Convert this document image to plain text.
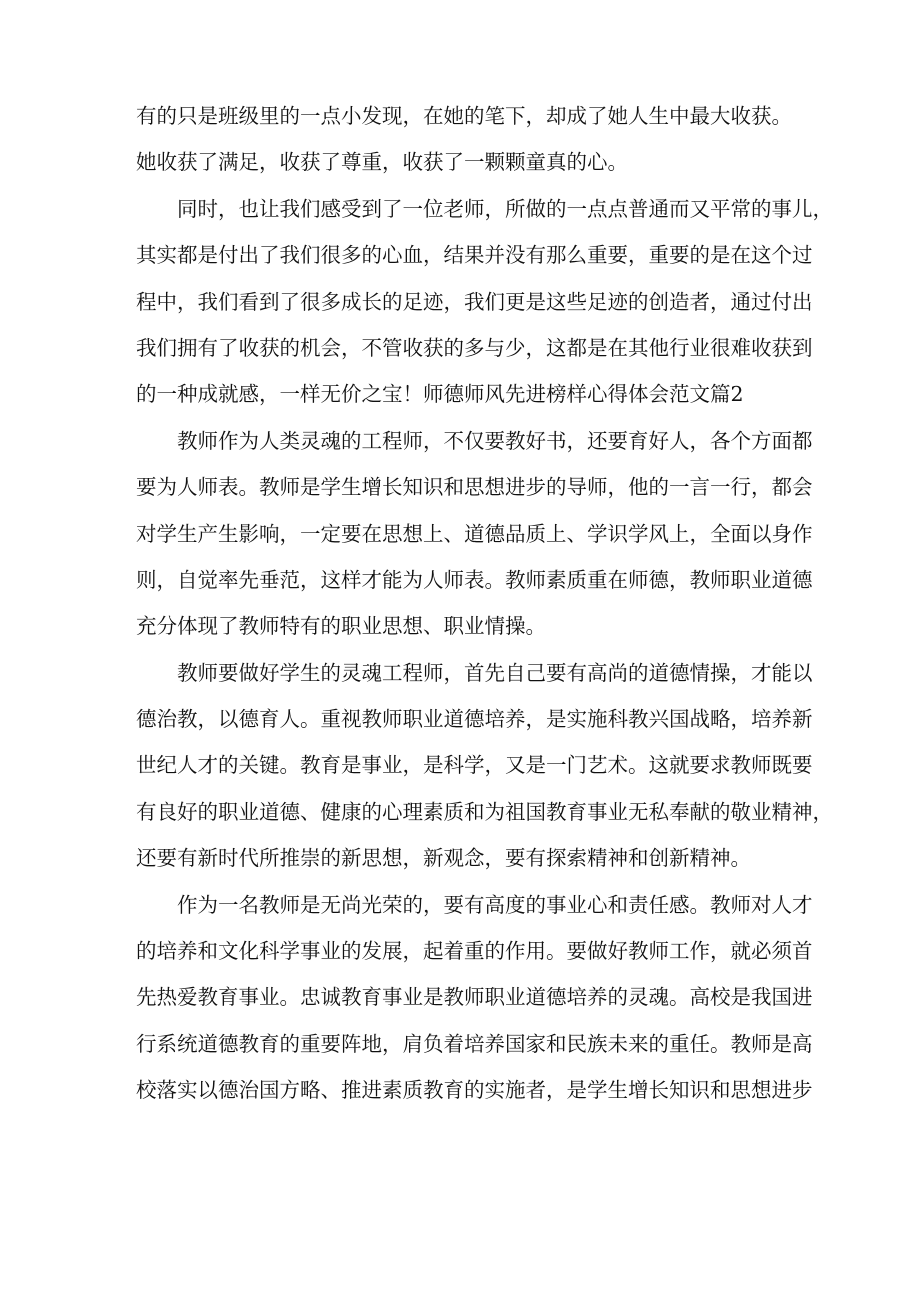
有的只是班级里的一点小发现，在她的笔下，却成了她人生中最大收获。
她收获了满足，收获了尊重，收获了一颗颗童真的心。
同时，也让我们感受到了一位老师，所做的一点点普通而又平常的事儿，
其实都是付出了我们很多的心血，结果并没有那么重要，重要的是在这个过
程中，我们看到了很多成长的足迹，我们更是这些足迹的创造者，通过付出
我们拥有了收获的机会，不管收获的多与少，这都是在其他行业很难收获到
的一种成就感，一样无价之宝！师德师风先进榜样心得体会范文篇2
教师作为人类灵魂的工程师，不仅要教好书，还要育好人，各个方面都
要为人师表。教师是学生增长知识和思想进步的导师，他的一言一行，都会
对学生产生影响，一定要在思想上、道德品质上、学识学风上，全面以身作
则，自觉率先垂范，这样才能为人师表。教师素质重在师德，教师职业道德
充分体现了教师特有的职业思想、职业情操。
教师要做好学生的灵魂工程师，首先自己要有高尚的道德情操，才能以
德治教，以德育人。重视教师职业道德培养，是实施科教兴国战略，培养新
世纪人才的关键。教育是事业，是科学，又是一门艺术。这就要求教师既要
有良好的职业道德、健康的心理素质和为祖国教育事业无私奉献的敬业精神，
还要有新时代所推崇的新思想，新观念，要有探索精神和创新精神。
作为一名教师是无尚光荣的，要有高度的事业心和责任感。教师对人才
的培养和文化科学事业的发展，起着重的作用。要做好教师工作，就必须首
先热爱教育事业。忠诚教育事业是教师职业道德培养的灵魂。高校是我国进
行系统道德教育的重要阵地，肩负着培养国家和民族未来的重任。教师是高
校落实以德治国方略、推进素质教育的实施者，是学生增长知识和思想进步
